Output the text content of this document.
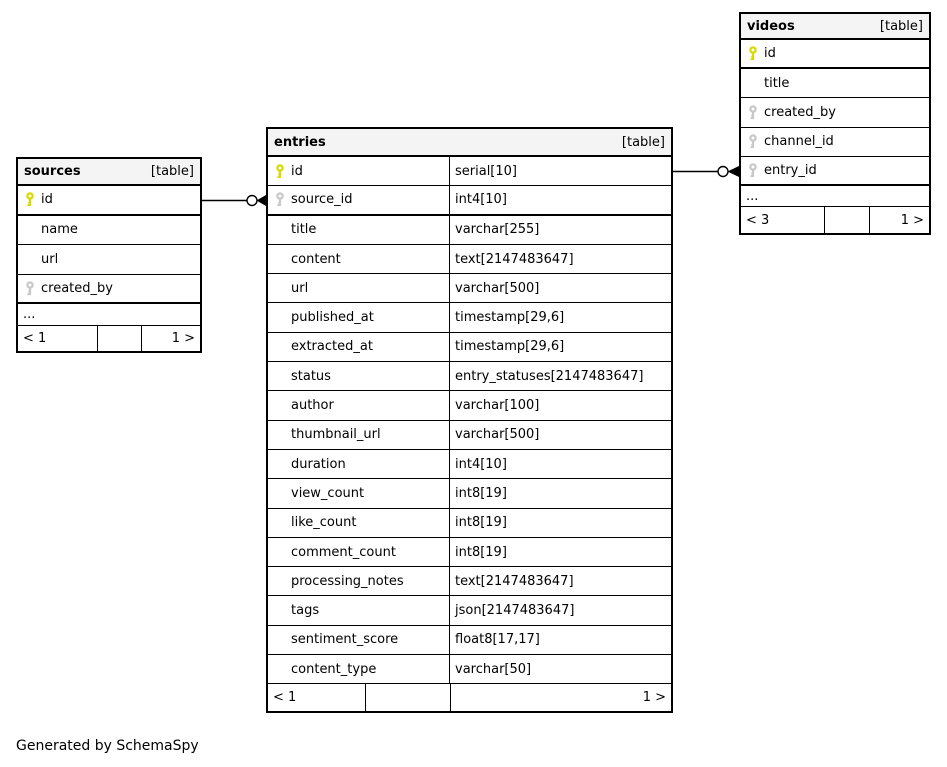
sources	[table]
id
name
url
created_by
...
< 1	1 >
entries	[table]
id	serial[10]
source_id	int4[10]
title	varchar[255]
content	text[2147483647]
url	varchar[500]
published_at	timestamp[29,6]
extracted_at	timestamp[29,6]
status	entry_statuses[2147483647]
author	varchar[100]
thumbnail_url	varchar[500]
duration	int4[10]
view_count	int8[19]
like_count	int8[19]
comment_count	int8[19]
processing_notes	text[2147483647]
tags	json[2147483647]
sentiment_score	float8[17,17]
content_type	varchar[50]
< 1	1 >
videos	[table]
id
title
created_by
channel_id
entry_id
...
< 3	1 >
Generated by SchemaSpy
